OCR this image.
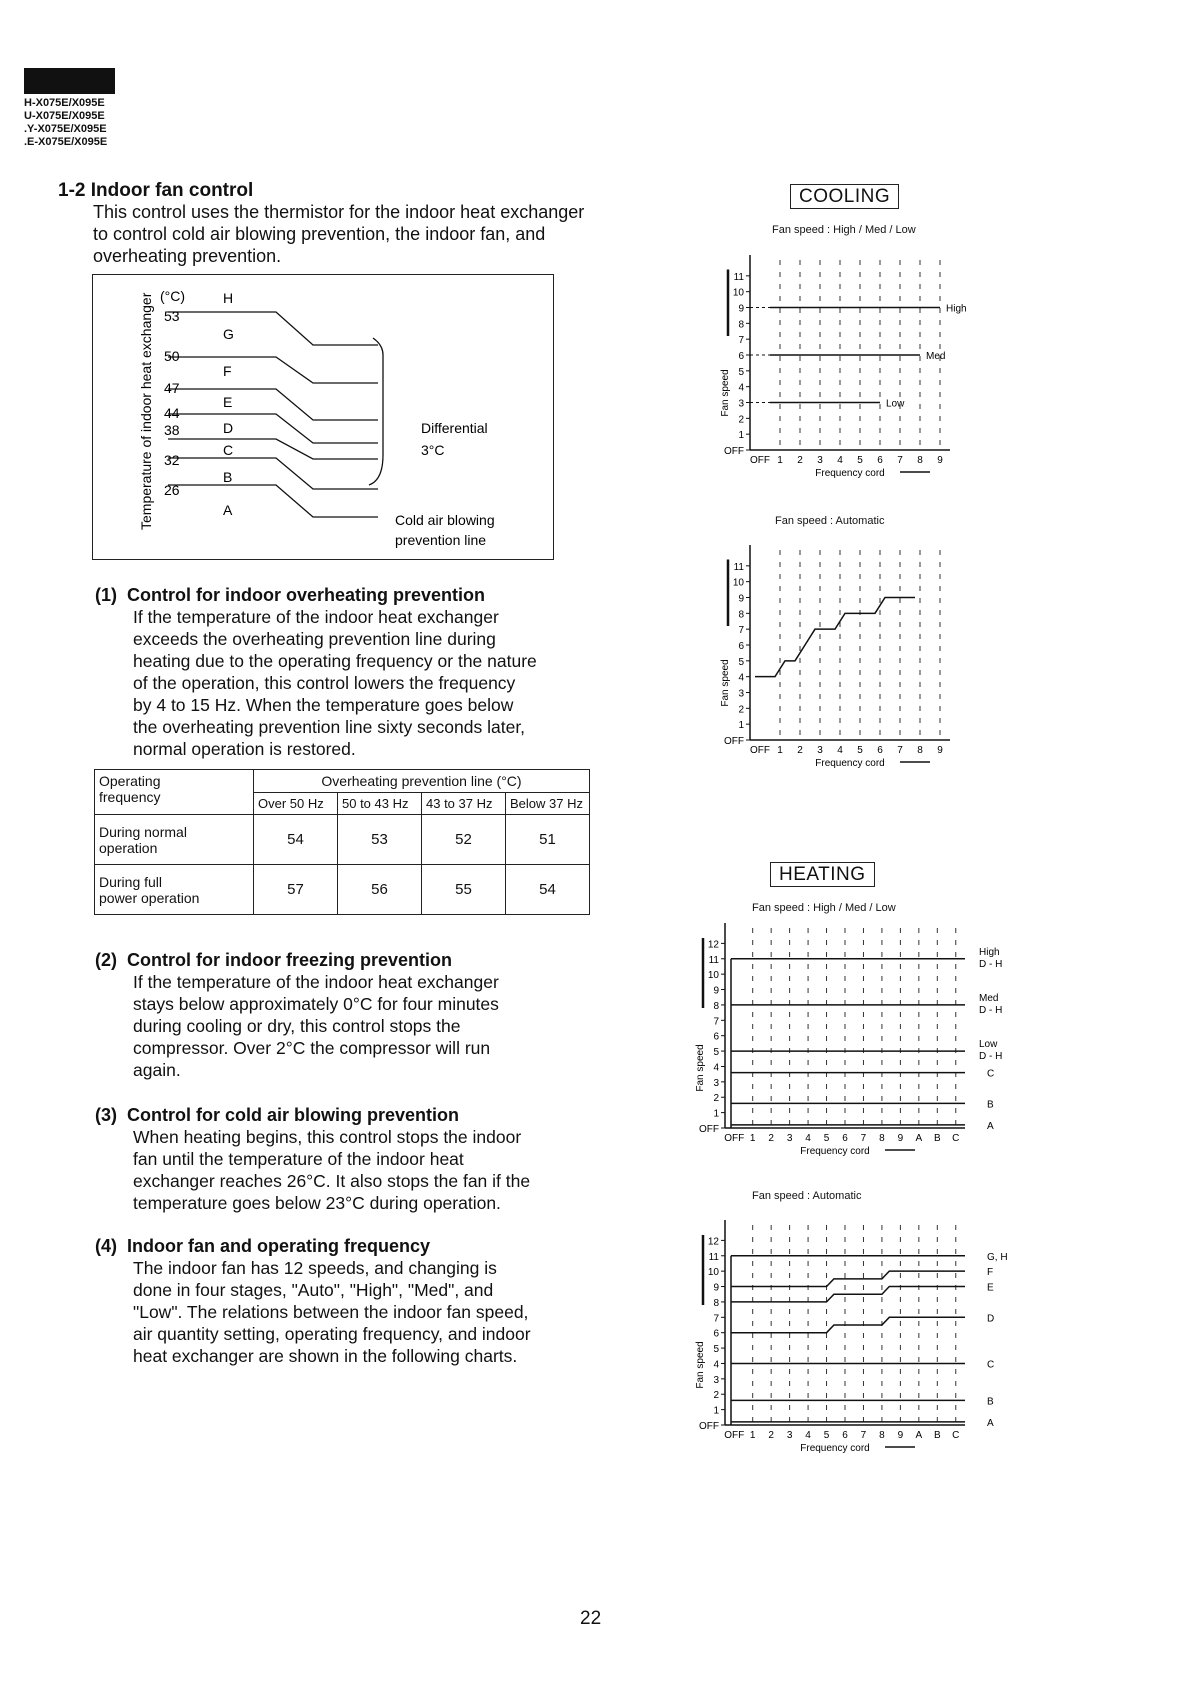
H-X075E/X095E
U-X075E/X095E
.Y-X075E/X095E
.E-X075E/X095E
1-2 Indoor fan control
This control uses the thermistor for the indoor heat exchanger to control cold air blowing prevention, the indoor fan, and overheating prevention.
Temperature of indoor heat exchanger (°C)
53
50
47
44
38
32
26
H
G
F
E
D
C
B
A
Differential
3°C
Cold air blowing
prevention line
(1) Control for indoor overheating prevention
If the temperature of the indoor heat exchanger
exceeds the overheating prevention line during
heating due to the operating frequency or the nature
of the operation, this control lowers the frequency
by 4 to 15 Hz. When the temperature goes below
the overheating prevention line sixty seconds later,
normal operation is restored.
Operating
frequency	Overheating prevention line (°C)			
	Over 50 Hz	50 to 43 Hz	43 to 37 Hz	Below 37 Hz

During normal
operation	54	53	52	51

During full
power operation	57	56	55	54
(2) Control for indoor freezing prevention
If the temperature of the indoor heat exchanger
stays below approximately 0°C for four minutes
during cooling or dry, this control stops the
compressor. Over 2°C the compressor will run
again.
(3) Control for cold air blowing prevention
When heating begins, this control stops the indoor
fan until the temperature of the indoor heat
exchanger reaches 26°C. It also stops the fan if the
temperature goes below 23°C during operation.
(4) Indoor fan and operating frequency
The indoor fan has 12 speeds, and changing is
done in four stages, "Auto", "High", "Med", and
"Low". The relations between the indoor fan speed,
air quantity setting, operating frequency, and indoor
heat exchanger are shown in the following charts.
COOLING
Fan speed : High / Med / Low
OFF
1
2
3
4
5
6
7
8
9
10
11
OFF 1 2 3 4 5 6 7 8 9
Frequency cord
Fan speed
High
Med
Low
Fan speed : Automatic
OFF
1
2
3
4
5
6
7
8
9
10
11
OFF 1 2 3 4 5 6 7 8 9
Frequency cord
Fan speed
HEATING
Fan speed : High / Med / Low
OFF
1
2
3
4
5
6
7
8
9
10
11
12
OFF 1 2 3 4 5 6 7 8 9 A B C
Frequency cord
Fan speed
A
B
C
High
D - H
Med
D - H
Low
D - H
Fan speed : Automatic
OFF
1
2
3
4
5
6
7
8
9
10
11
12
OFF 1 2 3 4 5 6 7 8 9 A B C
Frequency cord
Fan speed
G, H
F
E
D
C
B
A
22
